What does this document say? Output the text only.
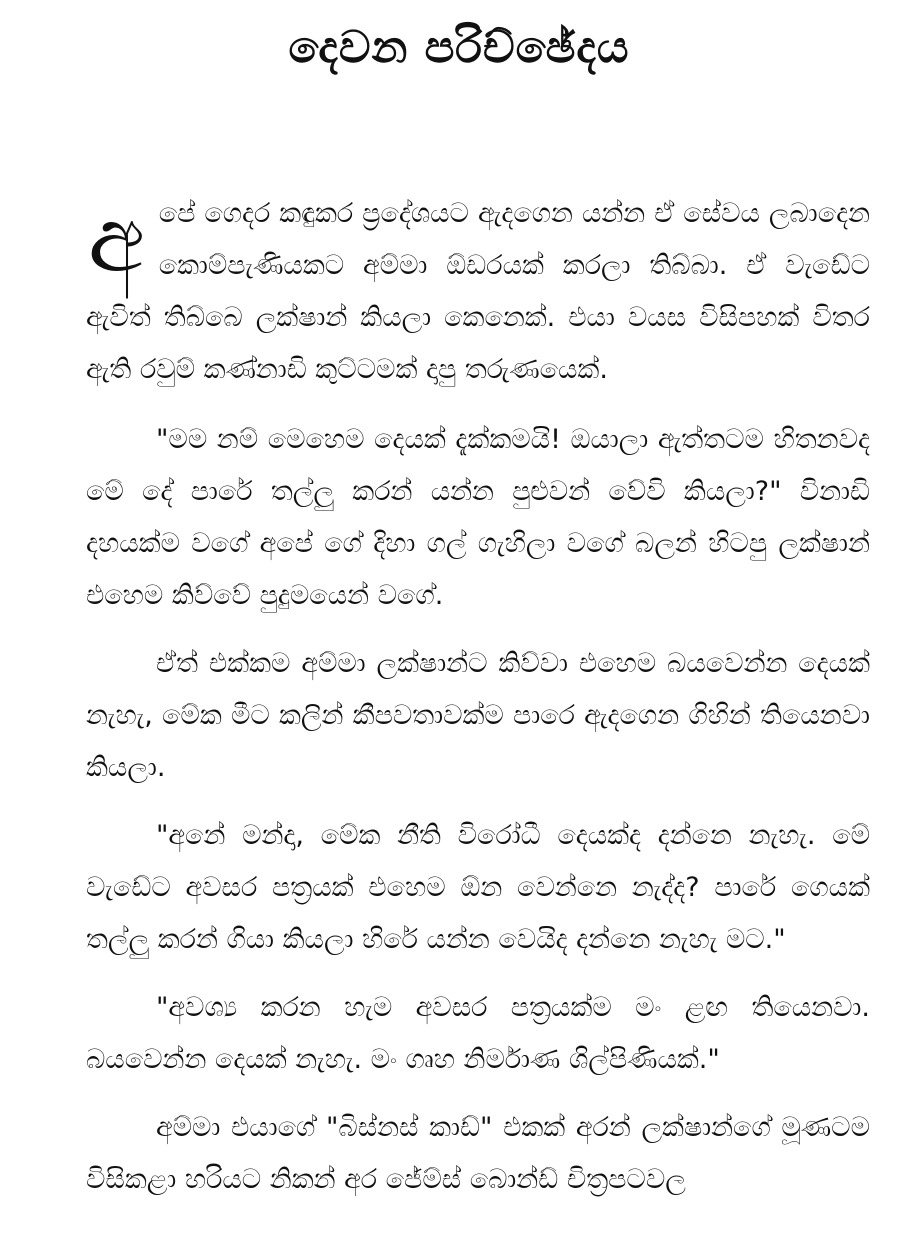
දෙවන පරිච්ඡේදය

අපේ ගෙදර කඳුකර ප්‍රදේශයට ඇදගෙන යන්න ඒ සේවය ලබාදෙන කොම්පැණියකට අම්මා ඕඩරයක් කරලා තිබ්බා. ඒ වැඩේට ඇවිත් තිබ්බෙ ලක්ෂාන් කියලා කෙනෙක්. එයා වයස විසිපහක් විතර ඇති රවුම් කණ්නාඩි කුට්ටමක් දාපු තරුණයෙක්.

"මම නම් මෙහෙම දෙයක් දැක්කමයි! ඔයාලා ඇත්තටම හිතනවද මේ දේ පාරේ තල්ලු කරන් යන්න පුළුවන් වේවි කියලා?" විනාඩි දහයක්ම වගේ අපේ ගේ දිහා ගල් ගැහිලා වගේ බලන් හිටපු ලක්ෂාන් එහෙම කිව්වේ පුදුමයෙන් වගේ.

ඒත් එක්කම අම්මා ලක්ෂාන්ට කිව්වා එහෙම බයවෙන්න දෙයක් නැහැ, මේක මීට කලින් කීපවතාවක්ම පාරෙ ඇදගෙන ගිහින් තියෙනවා කියලා.

"අනේ මන්දා, මේක නීති විරෝධී දෙයක්ද දන්නෙ නැහැ. මේ වැඩේට අවසර පත්‍රයක් එහෙම ඕන වෙන්නෙ නැද්ද? පාරේ ගෙයක් තල්ලු කරන් ගියා කියලා හිරේ යන්න වෙයිද දන්නෙ නැහැ මට."

"අවශ්‍ය කරන හැම අවසර පත්‍රයක්ම මං ළඟ තියෙනවා. බයවෙන්න දෙයක් නැහැ. මං ගෘහ නිර්මාණ ශිල්පිණියක්."

අම්මා එයාගේ "බිස්නස් කාඩ්" එකක් අරන් ලක්ෂාන්ගේ මූණටම විසිකළා හරියට නිකන් අර ජේම්ස් බොන්ඩ් චිත්‍රපටවල
